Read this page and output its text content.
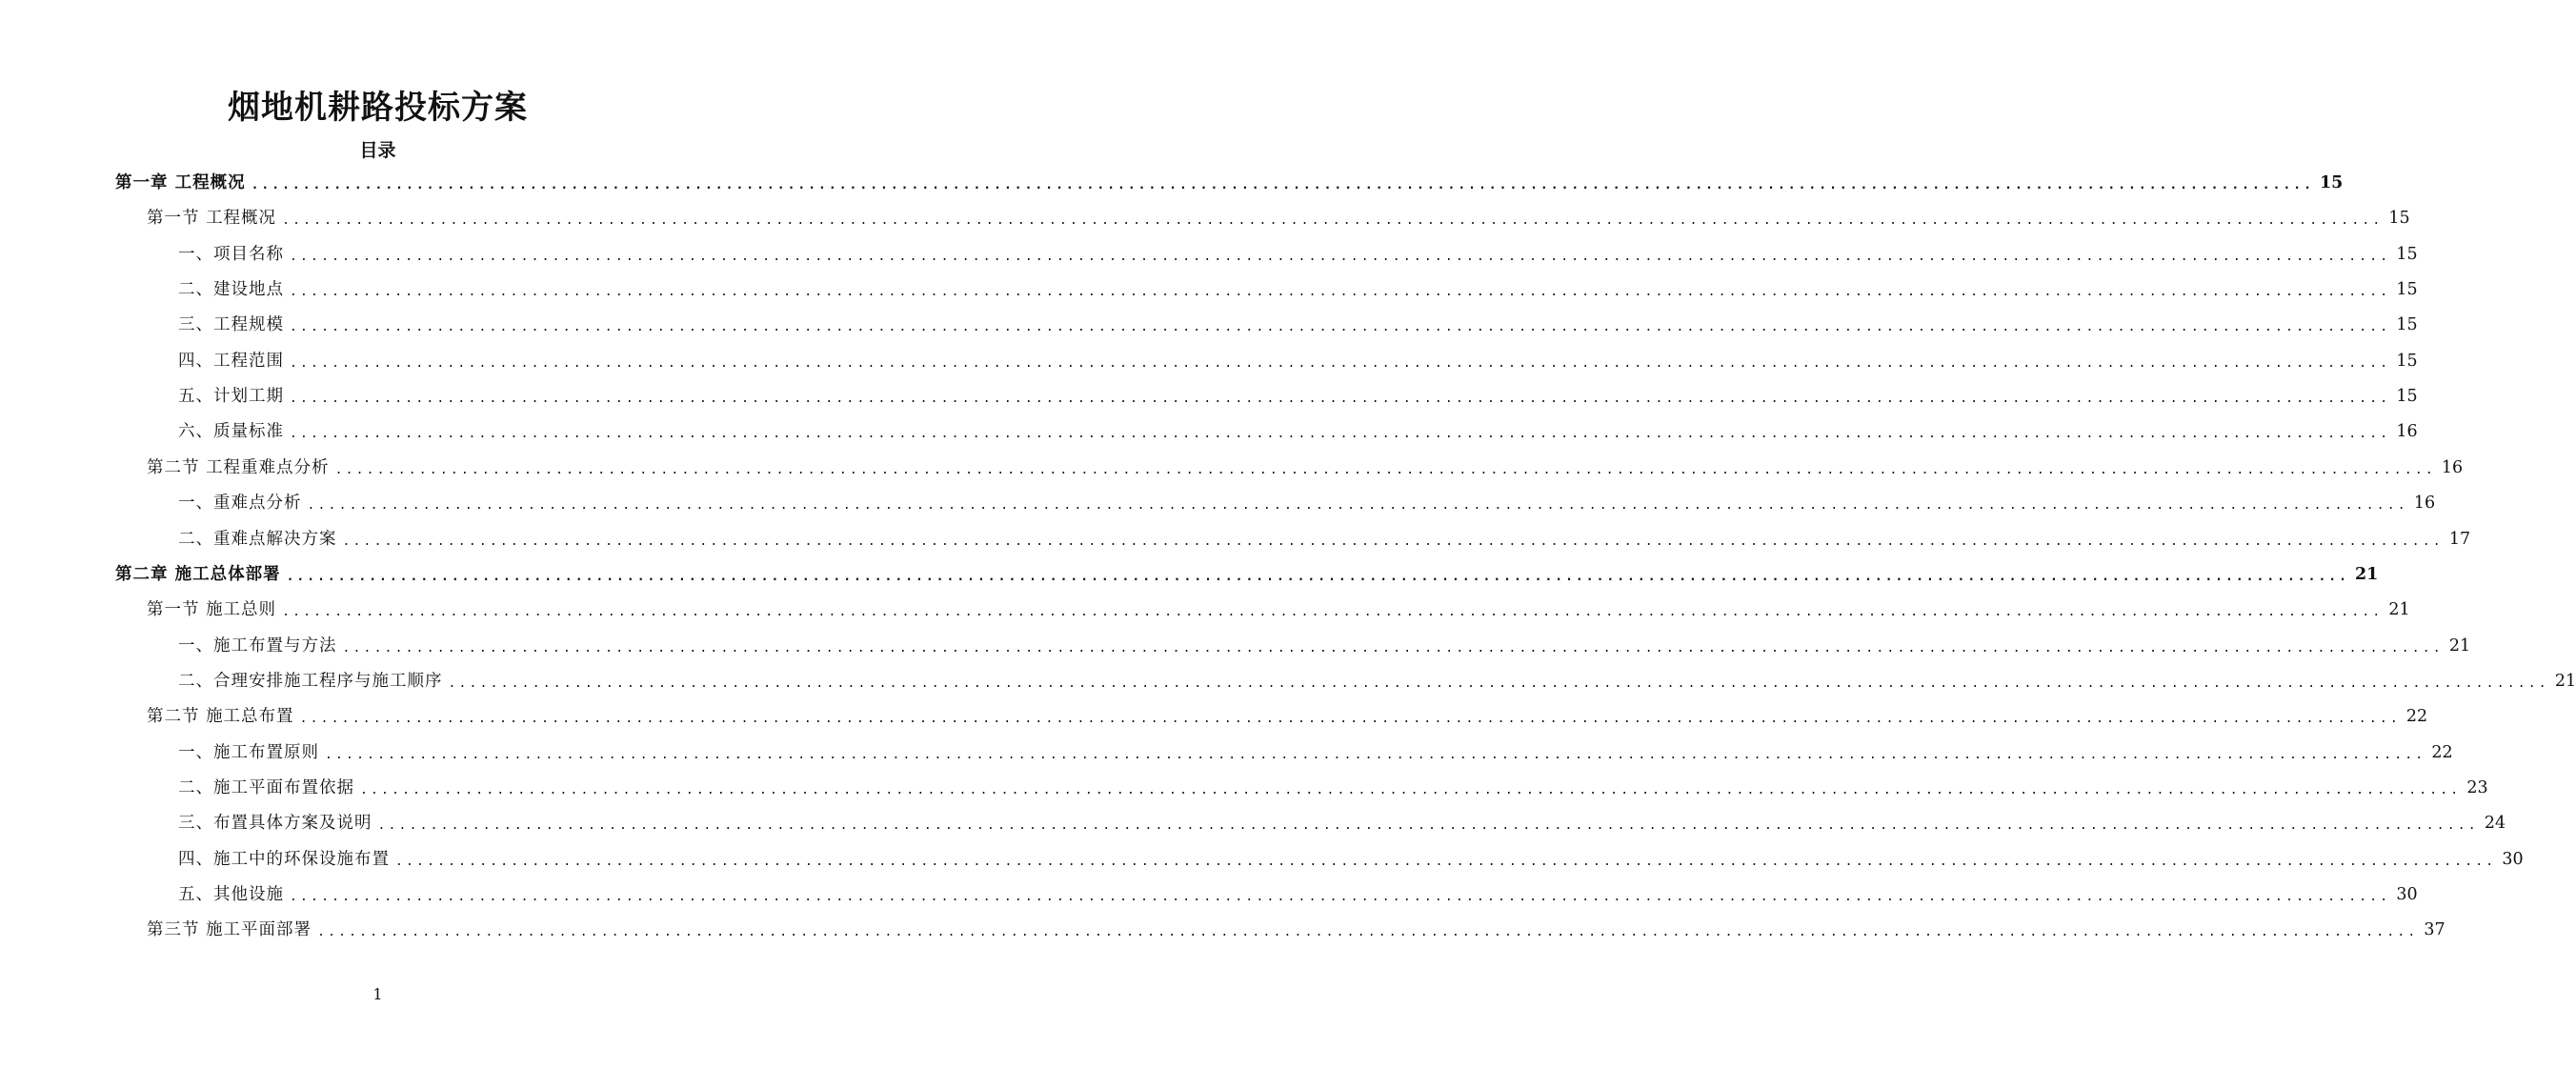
烟地机耕路投标方案
目录
第一章 工程概况 ........................................................................................................................................................................................................ 15
第一节 工程概况 ........................................................................................................................................................................................................ 15
一、项目名称 ........................................................................................................................................................................................................ 15
二、建设地点 ........................................................................................................................................................................................................ 15
三、工程规模 ........................................................................................................................................................................................................ 15
四、工程范围 ........................................................................................................................................................................................................ 15
五、计划工期 ........................................................................................................................................................................................................ 15
六、质量标准 ........................................................................................................................................................................................................ 16
第二节 工程重难点分析 ........................................................................................................................................................................................................ 16
一、重难点分析 ........................................................................................................................................................................................................ 16
二、重难点解决方案 ........................................................................................................................................................................................................ 17
第二章 施工总体部署 ........................................................................................................................................................................................................ 21
第一节 施工总则 ........................................................................................................................................................................................................ 21
一、施工布置与方法 ........................................................................................................................................................................................................ 21
二、合理安排施工程序与施工顺序 ........................................................................................................................................................................................................ 21
第二节 施工总布置 ........................................................................................................................................................................................................ 22
一、施工布置原则 ........................................................................................................................................................................................................ 22
二、施工平面布置依据 ........................................................................................................................................................................................................ 23
三、布置具体方案及说明 ........................................................................................................................................................................................................ 24
四、施工中的环保设施布置 ........................................................................................................................................................................................................ 30
五、其他设施 ........................................................................................................................................................................................................ 30
第三节 施工平面部署 ........................................................................................................................................................................................................ 37
1
